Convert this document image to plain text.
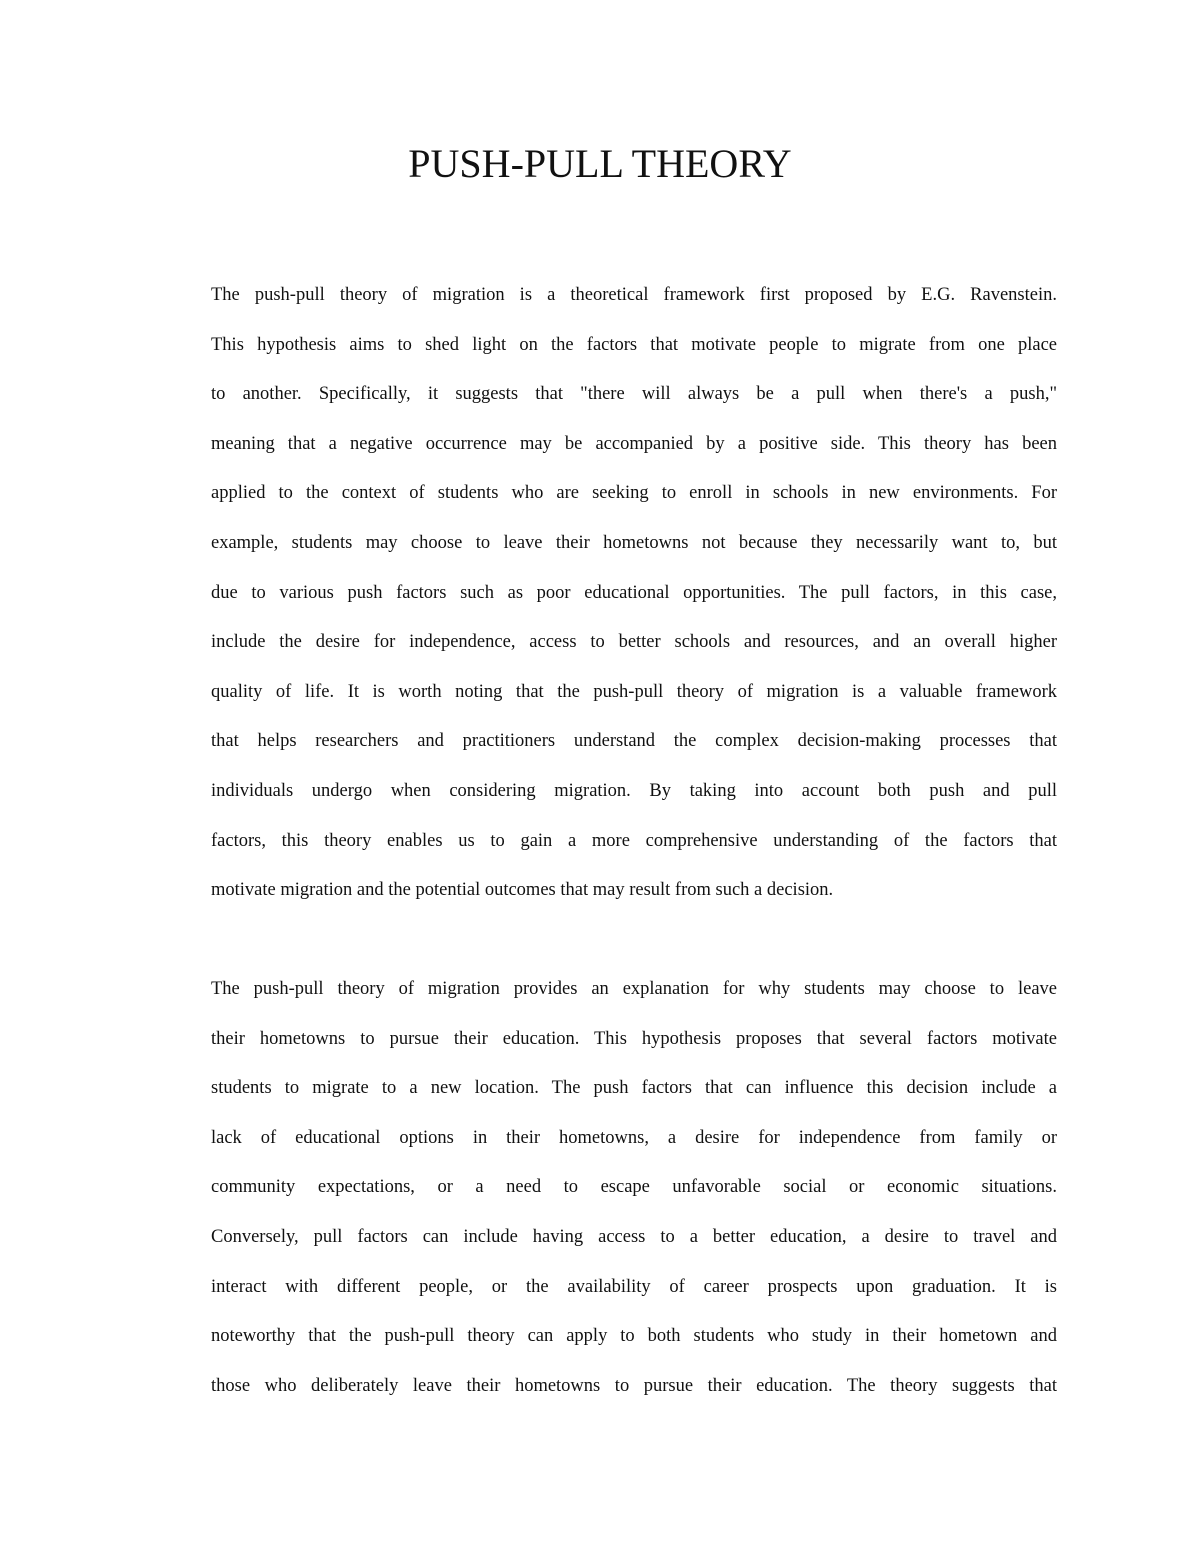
PUSH-PULL THEORY
The push-pull theory of migration is a theoretical framework first proposed by E.G. Ravenstein.
This hypothesis aims to shed light on the factors that motivate people to migrate from one place
to another. Specifically, it suggests that "there will always be a pull when there's a push,"
meaning that a negative occurrence may be accompanied by a positive side. This theory has been
applied to the context of students who are seeking to enroll in schools in new environments. For
example, students may choose to leave their hometowns not because they necessarily want to, but
due to various push factors such as poor educational opportunities. The pull factors, in this case,
include the desire for independence, access to better schools and resources, and an overall higher
quality of life. It is worth noting that the push-pull theory of migration is a valuable framework
that helps researchers and practitioners understand the complex decision-making processes that
individuals undergo when considering migration. By taking into account both push and pull
factors, this theory enables us to gain a more comprehensive understanding of the factors that
motivate migration and the potential outcomes that may result from such a decision.
The push-pull theory of migration provides an explanation for why students may choose to leave
their hometowns to pursue their education. This hypothesis proposes that several factors motivate
students to migrate to a new location. The push factors that can influence this decision include a
lack of educational options in their hometowns, a desire for independence from family or
community expectations, or a need to escape unfavorable social or economic situations.
Conversely, pull factors can include having access to a better education, a desire to travel and
interact with different people, or the availability of career prospects upon graduation. It is
noteworthy that the push-pull theory can apply to both students who study in their hometown and
those who deliberately leave their hometowns to pursue their education. The theory suggests that
